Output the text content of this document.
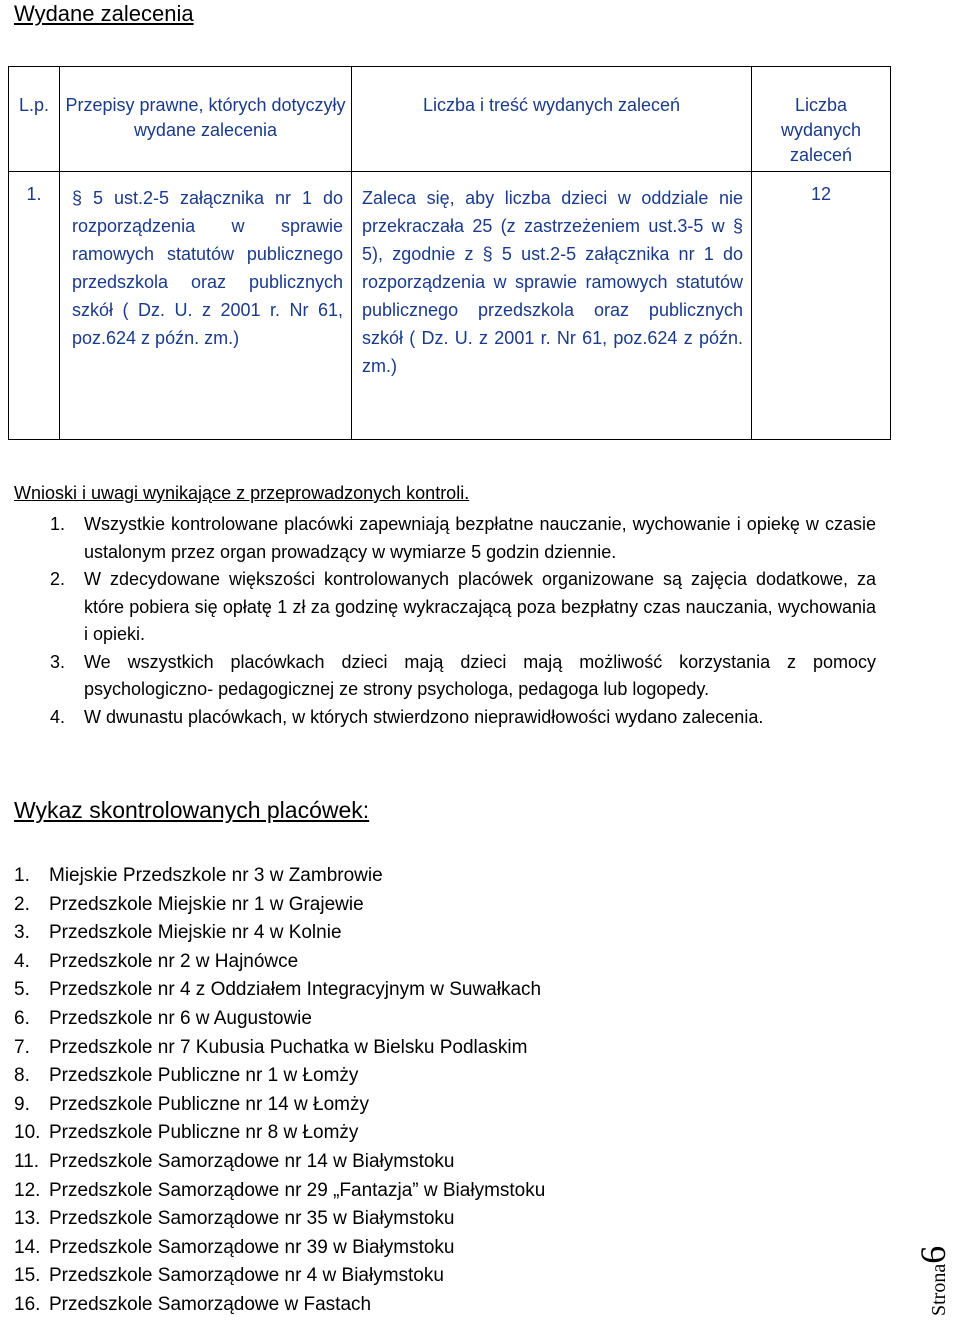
Wydane zalecenia
L.p.	Przepisy prawne, których dotyczyły wydane zalecenia	Liczba i treść wydanych zaleceń	Liczba wydanych zaleceń
1.	§ 5 ust.2-5 załącznika nr 1 do rozporządzenia w sprawie ramowych statutów publicznego przedszkola oraz publicznych szkół ( Dz. U. z 2001 r. Nr 61, poz.624 z późn. zm.)	Zaleca się, aby liczba dzieci w oddziale nie przekraczała 25 (z zastrzeżeniem ust.3-5 w § 5), zgodnie z § 5 ust.2-5 załącznika nr 1 do rozporządzenia w sprawie ramowych statutów publicznego przedszkola oraz publicznych szkół ( Dz. U. z 2001 r. Nr 61, poz.624 z późn. zm.)	12
Wnioski i uwagi wynikające z przeprowadzonych kontroli.
1. Wszystkie kontrolowane placówki zapewniają bezpłatne nauczanie, wychowanie i opiekę w czasie ustalonym przez organ prowadzący w wymiarze 5 godzin dziennie.
2. W zdecydowane większości kontrolowanych placówek organizowane są zajęcia dodatkowe, za które pobiera się opłatę 1 zł za godzinę wykraczającą poza bezpłatny czas nauczania, wychowania i opieki.
3. We wszystkich placówkach dzieci mają dzieci mają możliwość korzystania z pomocy psychologiczno- pedagogicznej ze strony psychologa, pedagoga lub logopedy.
4. W dwunastu placówkach, w których stwierdzono nieprawidłowości wydano zalecenia.
Wykaz skontrolowanych placówek:
1. Miejskie Przedszkole nr 3 w Zambrowie
2. Przedszkole Miejskie nr 1 w Grajewie
3. Przedszkole Miejskie nr 4 w Kolnie
4. Przedszkole nr 2 w Hajnówce
5. Przedszkole nr 4 z Oddziałem Integracyjnym w Suwałkach
6. Przedszkole nr 6 w Augustowie
7. Przedszkole nr 7 Kubusia Puchatka w Bielsku Podlaskim
8. Przedszkole Publiczne nr 1 w Łomży
9. Przedszkole Publiczne nr 14 w Łomży
10. Przedszkole Publiczne nr 8 w Łomży
11. Przedszkole Samorządowe nr 14 w Białymstoku
12. Przedszkole Samorządowe nr 29 „Fantazja” w Białymstoku
13. Przedszkole Samorządowe nr 35 w Białymstoku
14. Przedszkole Samorządowe nr 39 w Białymstoku
15. Przedszkole Samorządowe nr 4 w Białymstoku
16. Przedszkole Samorządowe w Fastach	Strona6
